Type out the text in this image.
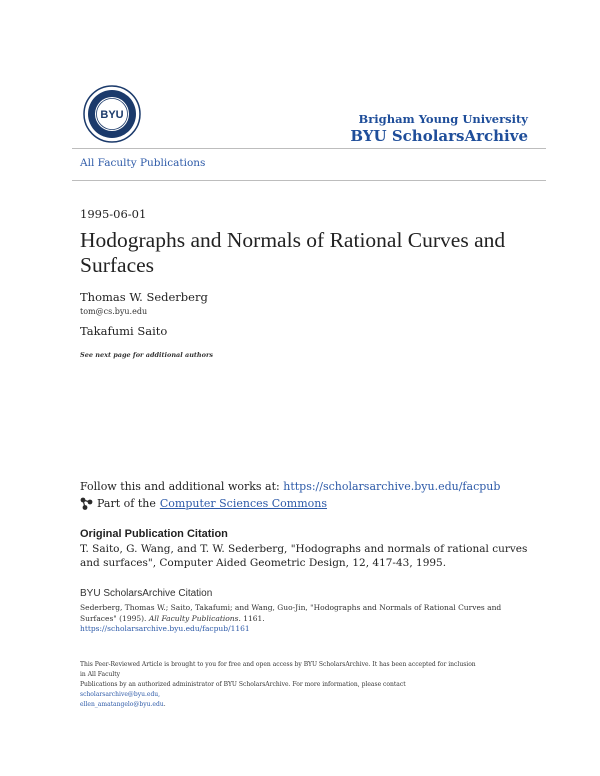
BYU	Brigham Young University
BYU ScholarsArchive
All Faculty Publications
1995-06-01
Hodographs and Normals of Rational Curves and Surfaces
Thomas W. Sederberg
tom@cs.byu.edu
Takafumi Saito
See next page for additional authors
Follow this and additional works at: https://scholarsarchive.byu.edu/facpub
Part of the Computer Sciences Commons
Original Publication Citation
T. Saito, G. Wang, and T. W. Sederberg, "Hodographs and normals of rational curves and surfaces", Computer Aided Geometric Design, 12, 417-43, 1995.
BYU ScholarsArchive Citation
Sederberg, Thomas W.; Saito, Takafumi; and Wang, Guo-Jin, "Hodographs and Normals of Rational Curves and Surfaces" (1995). All Faculty Publications. 1161.
https://scholarsarchive.byu.edu/facpub/1161
This Peer-Reviewed Article is brought to you for free and open access by BYU ScholarsArchive. It has been accepted for inclusion in All Faculty
Publications by an authorized administrator of BYU ScholarsArchive. For more information, please contact scholarsarchive@byu.edu,
ellen_amatangelo@byu.edu.
